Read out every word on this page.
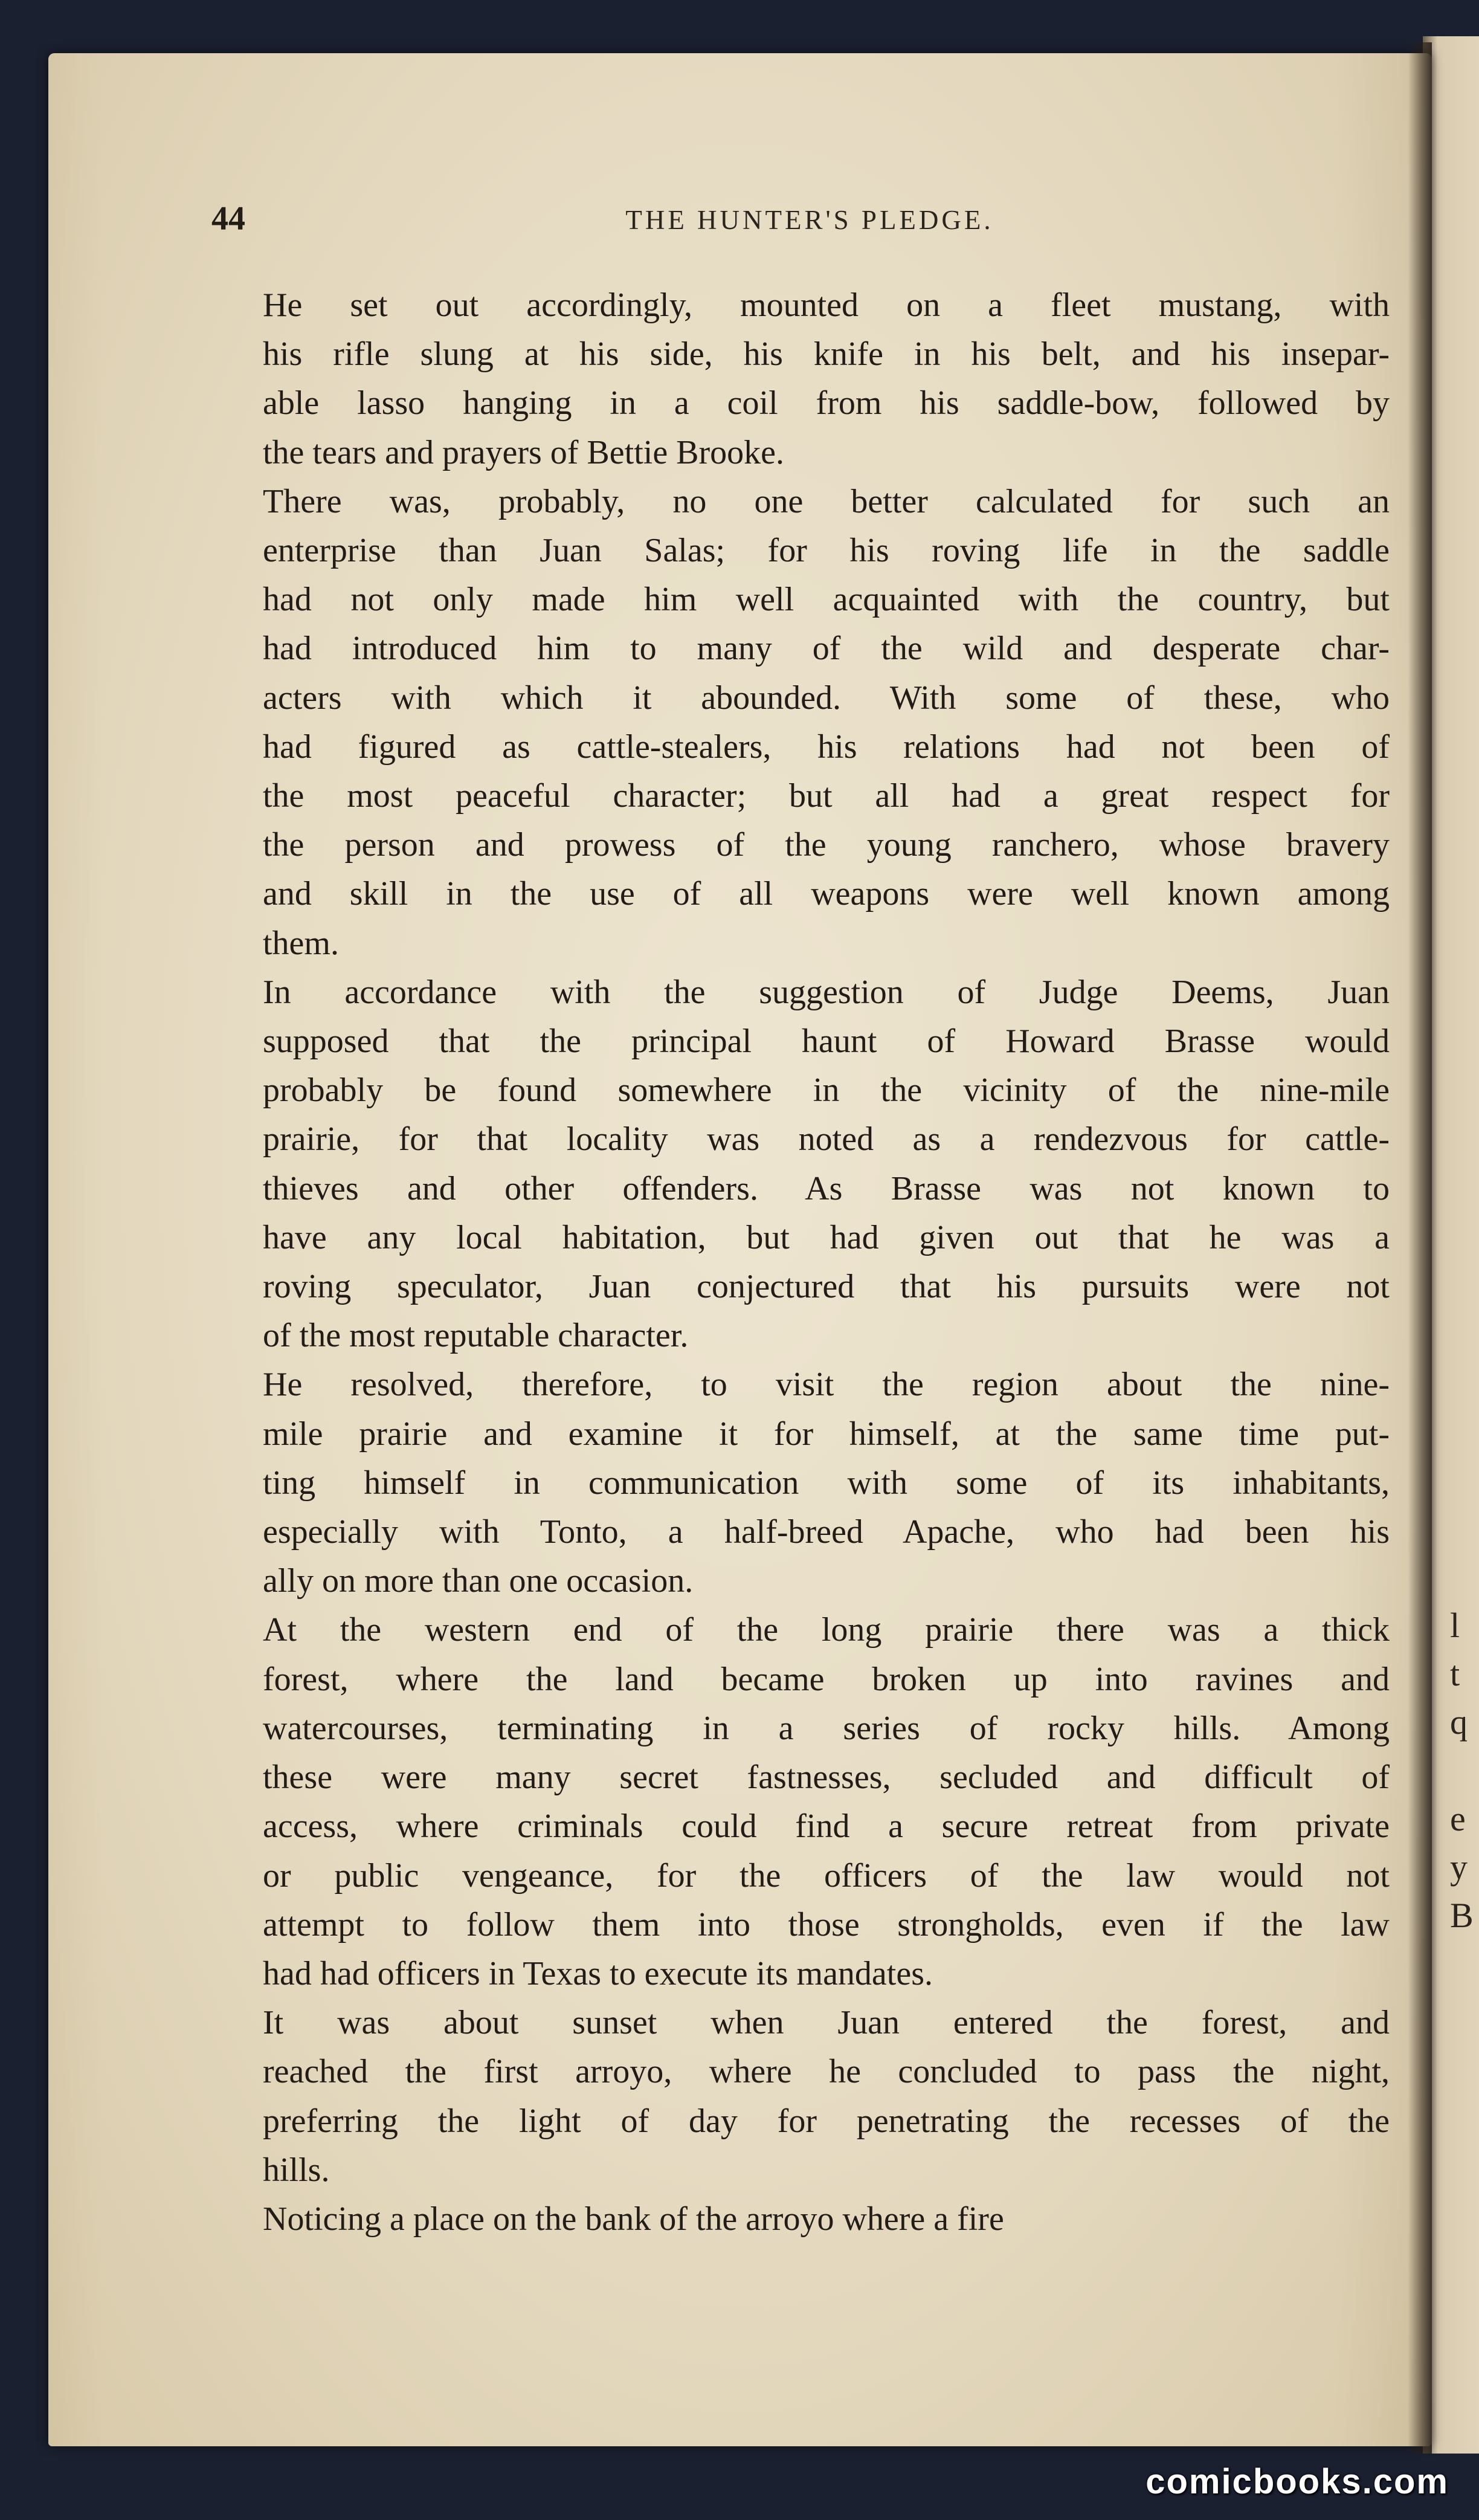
l
t
q
e
y
B
44	THE HUNTER'S PLEDGE.

He set out accordingly, mounted on a fleet mustang, with
his rifle slung at his side, his knife in his belt, and his insepar-
able lasso hanging in a coil from his saddle-bow, followed by
the tears and prayers of Bettie Brooke.

There was, probably, no one better calculated for such an
enterprise than Juan Salas; for his roving life in the saddle
had not only made him well acquainted with the country, but
had introduced him to many of the wild and desperate char-
acters with which it abounded. With some of these, who
had figured as cattle-stealers, his relations had not been of
the most peaceful character; but all had a great respect for
the person and prowess of the young ranchero, whose bravery
and skill in the use of all weapons were well known among
them.

In accordance with the suggestion of Judge Deems, Juan
supposed that the principal haunt of Howard Brasse would
probably be found somewhere in the vicinity of the nine-mile
prairie, for that locality was noted as a rendezvous for cattle-
thieves and other offenders. As Brasse was not known to
have any local habitation, but had given out that he was a
roving speculator, Juan conjectured that his pursuits were not
of the most reputable character.

He resolved, therefore, to visit the region about the nine-
mile prairie and examine it for himself, at the same time put-
ting himself in communication with some of its inhabitants,
especially with Tonto, a half-breed Apache, who had been his
ally on more than one occasion.

At the western end of the long prairie there was a thick
forest, where the land became broken up into ravines and
watercourses, terminating in a series of rocky hills. Among
these were many secret fastnesses, secluded and difficult of
access, where criminals could find a secure retreat from private
or public vengeance, for the officers of the law would not
attempt to follow them into those strongholds, even if the law
had had officers in Texas to execute its mandates.

It was about sunset when Juan entered the forest, and
reached the first arroyo, where he concluded to pass the night,
preferring the light of day for penetrating the recesses of the
hills.

Noticing a place on the bank of the arroyo where a fire

comicbooks.com
